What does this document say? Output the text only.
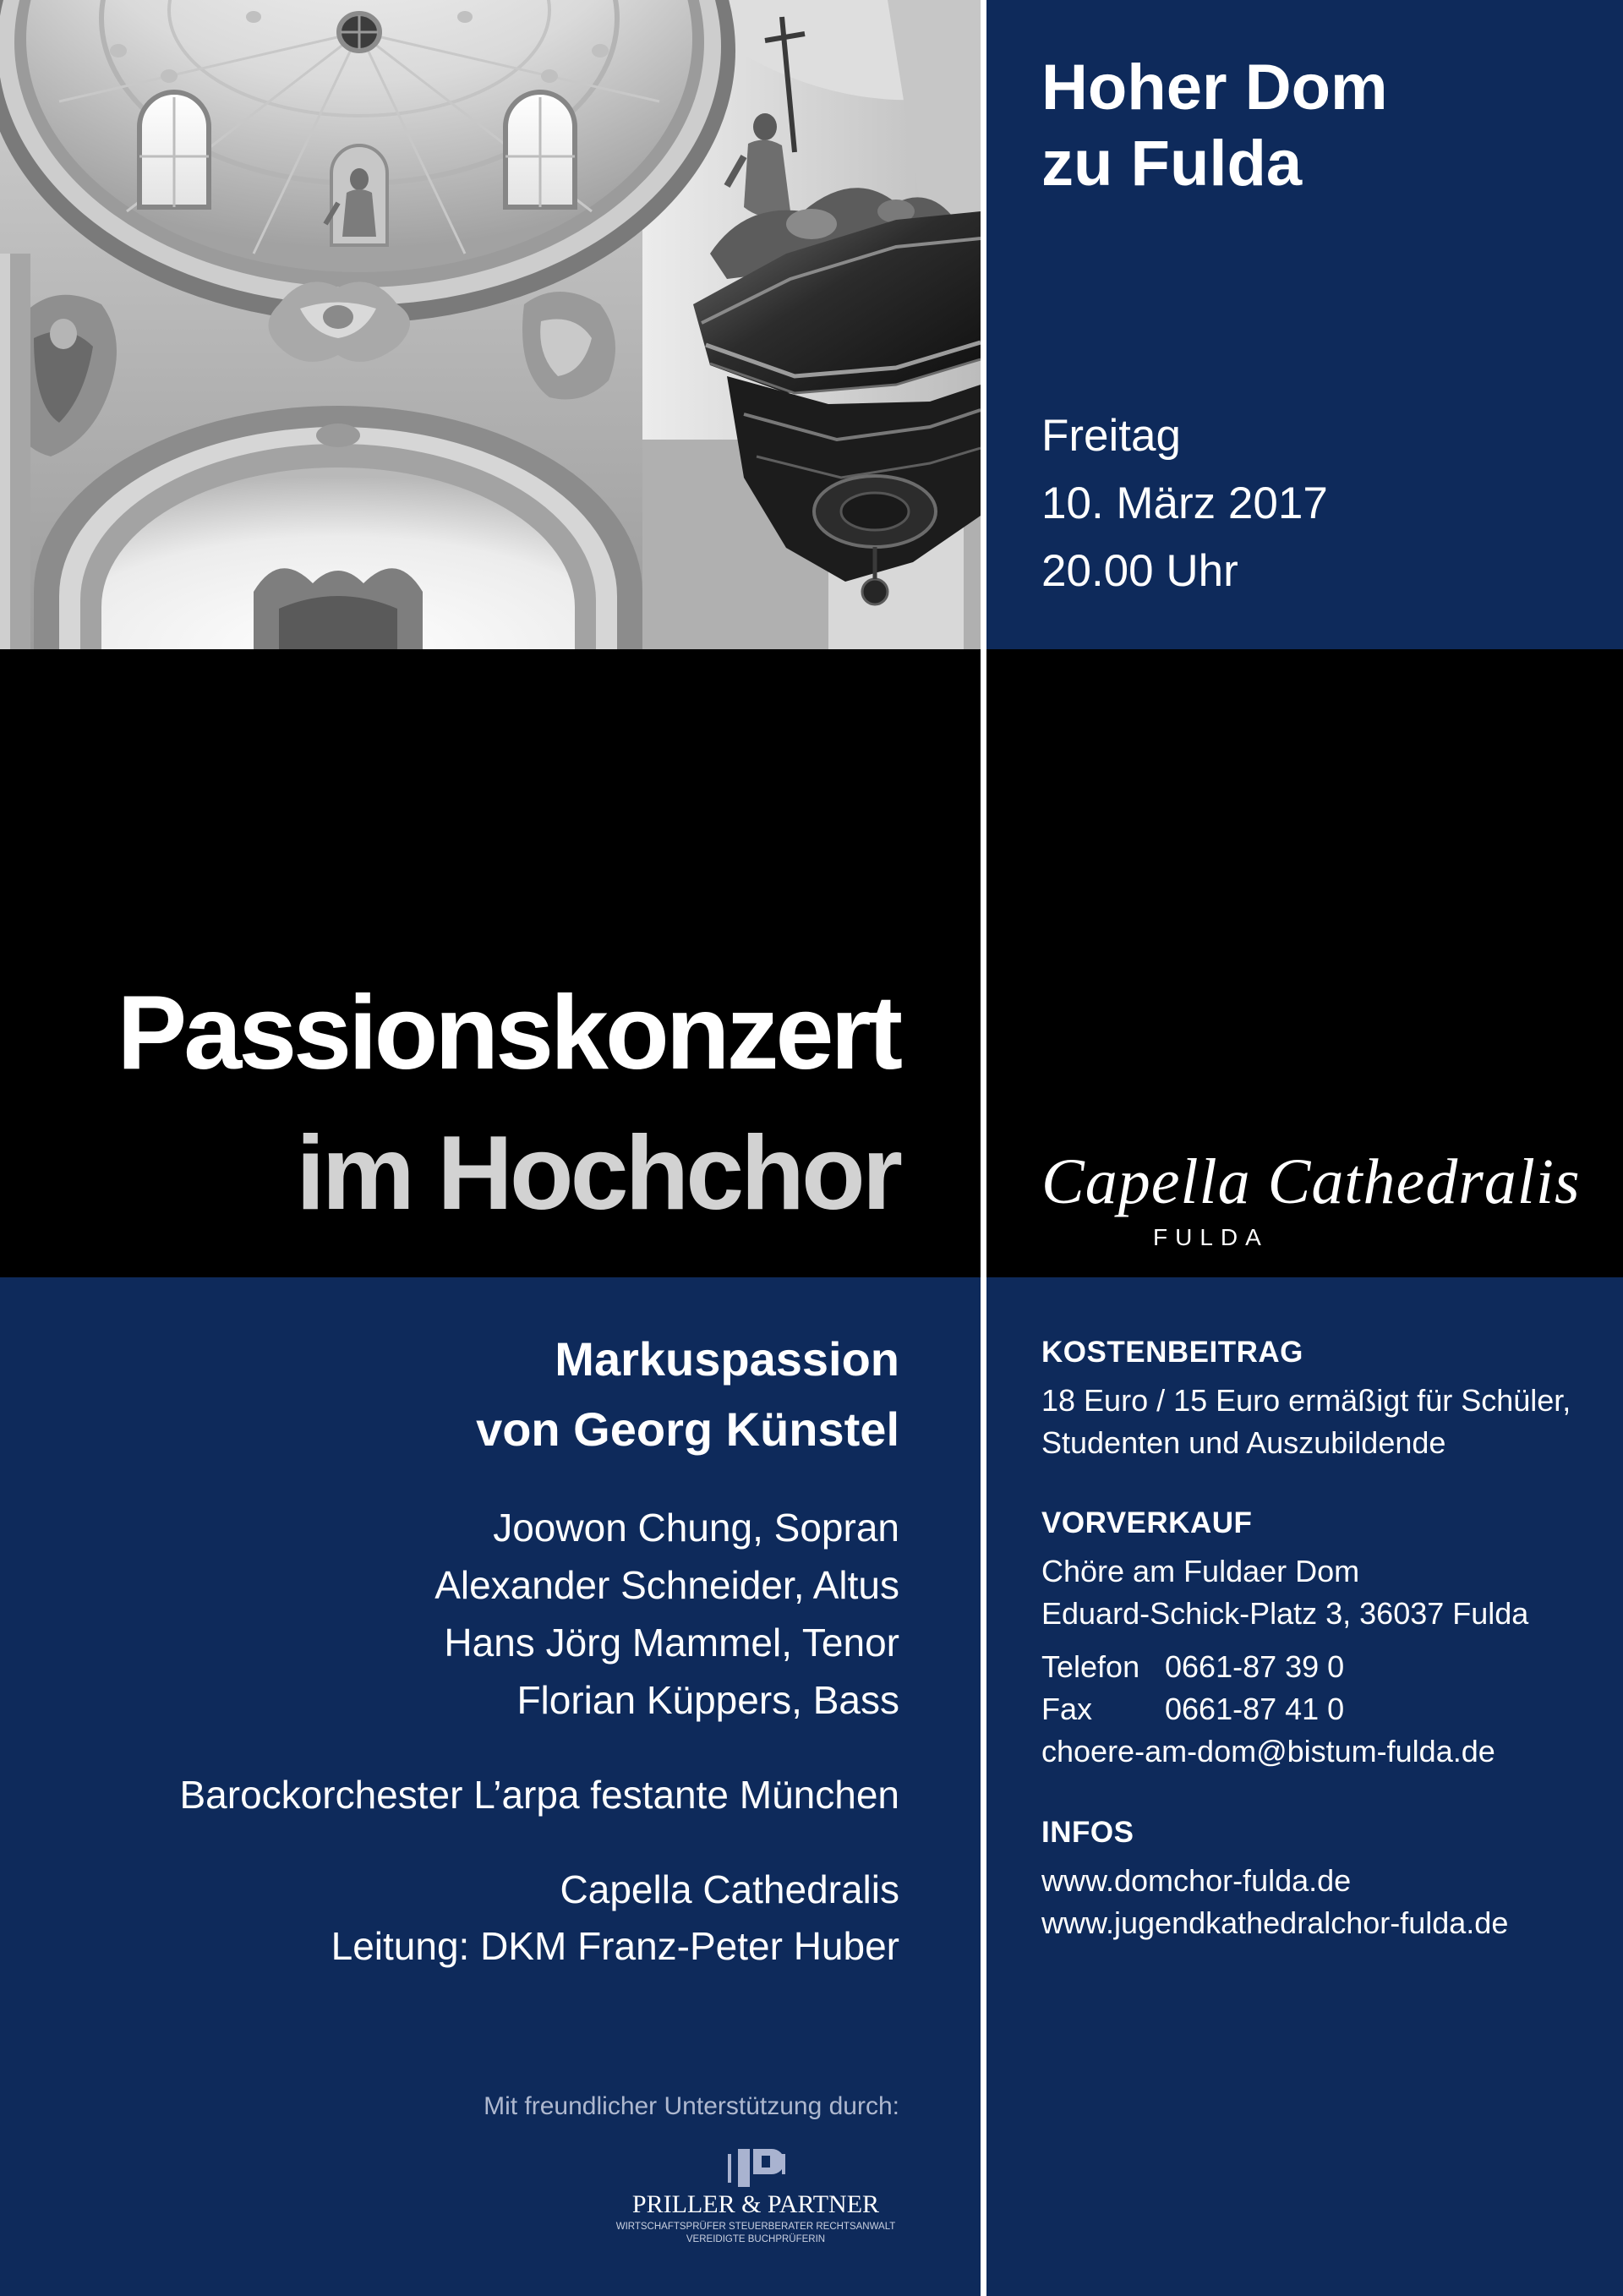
Hoher Dom
zu Fulda
Freitag
10. März 2017
20.00 Uhr
Passionskonzert
im Hochchor Capella Cathedralis
FULDA
Markuspassion
von Georg Künstel
Joowon Chung, Sopran
Alexander Schneider, Altus
Hans Jörg Mammel, Tenor
Florian Küppers, Bass
Barockorchester L’arpa festante München
Capella Cathedralis
Leitung: DKM Franz-Peter Huber
Mit freundlicher Unterstützung durch:
PRILLER & PARTNER
WIRTSCHAFTSPRÜFER STEUERBERATER RECHTSANWALT
VEREIDIGTE BUCHPRÜFERIN
KOSTENBEITRAG
18 Euro / 15 Euro ermäßigt für Schüler,
Studenten und Auszubildende
VORVERKAUF
Chöre am Fuldaer Dom
Eduard-Schick-Platz 3, 36037 Fulda
Telefon 0661-87 39 0
Fax	0661-87 41 0
choere-am-dom@bistum-fulda.de
INFOS
www.domchor-fulda.de
www.jugendkathedralchor-fulda.de
